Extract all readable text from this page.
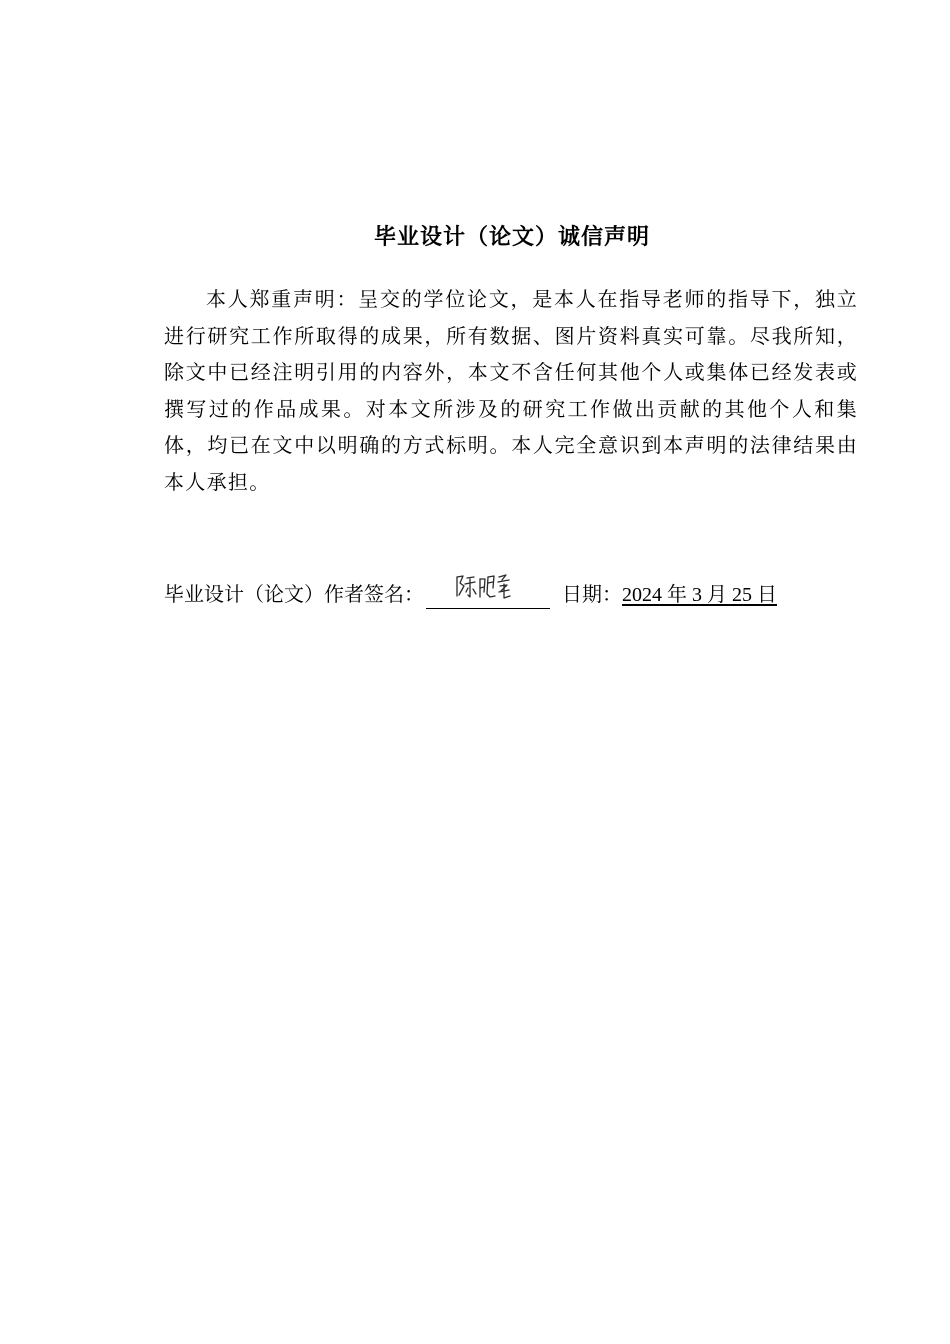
毕业设计（论文）诚信声明
本人郑重声明：呈交的学位论文，是本人在指导老师的指导下，独立进行研究工作所取得的成果，所有数据、图片资料真实可靠。尽我所知，除文中已经注明引用的内容外，本文不含任何其他个人或集体已经发表或撰写过的作品成果。对本文所涉及的研究工作做出贡献的其他个人和集体，均已在文中以明确的方式标明。本人完全意识到本声明的法律结果由本人承担。
毕业设计（论文）作者签名：	日期：2024 年 3 月 25 日
